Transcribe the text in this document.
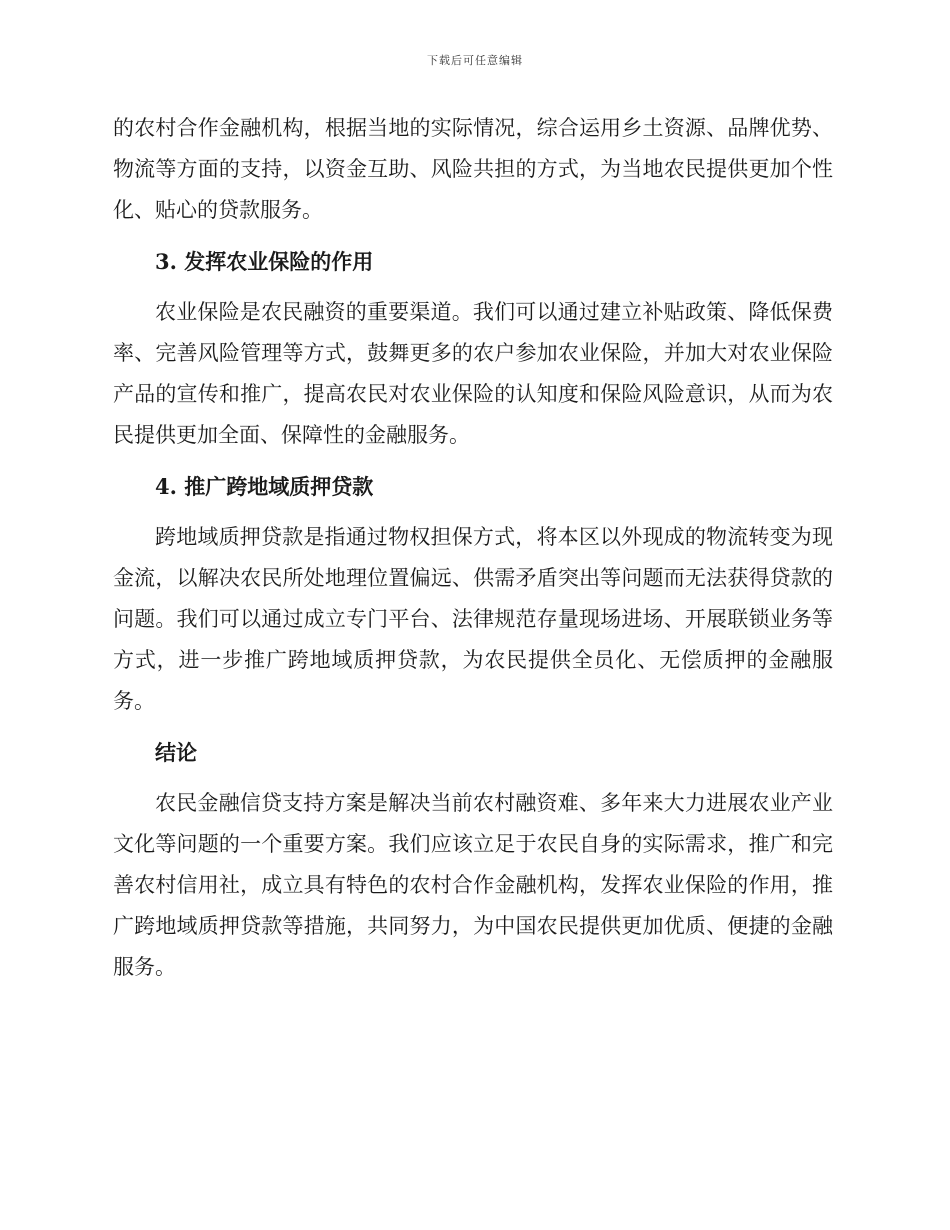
下载后可任意编辑

的农村合作金融机构，根据当地的实际情况，综合运用乡土资源、品牌优势、物流等方面的支持，以资金互助、风险共担的方式，为当地农民提供更加个性化、贴心的贷款服务。

3. 发挥农业保险的作用

农业保险是农民融资的重要渠道。我们可以通过建立补贴政策、降低保费率、完善风险管理等方式，鼓舞更多的农户参加农业保险，并加大对农业保险产品的宣传和推广，提高农民对农业保险的认知度和保险风险意识，从而为农民提供更加全面、保障性的金融服务。

4. 推广跨地域质押贷款

跨地域质押贷款是指通过物权担保方式，将本区以外现成的物流转变为现金流，以解决农民所处地理位置偏远、供需矛盾突出等问题而无法获得贷款的问题。我们可以通过成立专门平台、法律规范存量现场进场、开展联锁业务等方式，进一步推广跨地域质押贷款，为农民提供全员化、无偿质押的金融服务。

结论

农民金融信贷支持方案是解决当前农村融资难、多年来大力进展农业产业文化等问题的一个重要方案。我们应该立足于农民自身的实际需求，推广和完善农村信用社，成立具有特色的农村合作金融机构，发挥农业保险的作用，推广跨地域质押贷款等措施，共同努力，为中国农民提供更加优质、便捷的金融服务。
